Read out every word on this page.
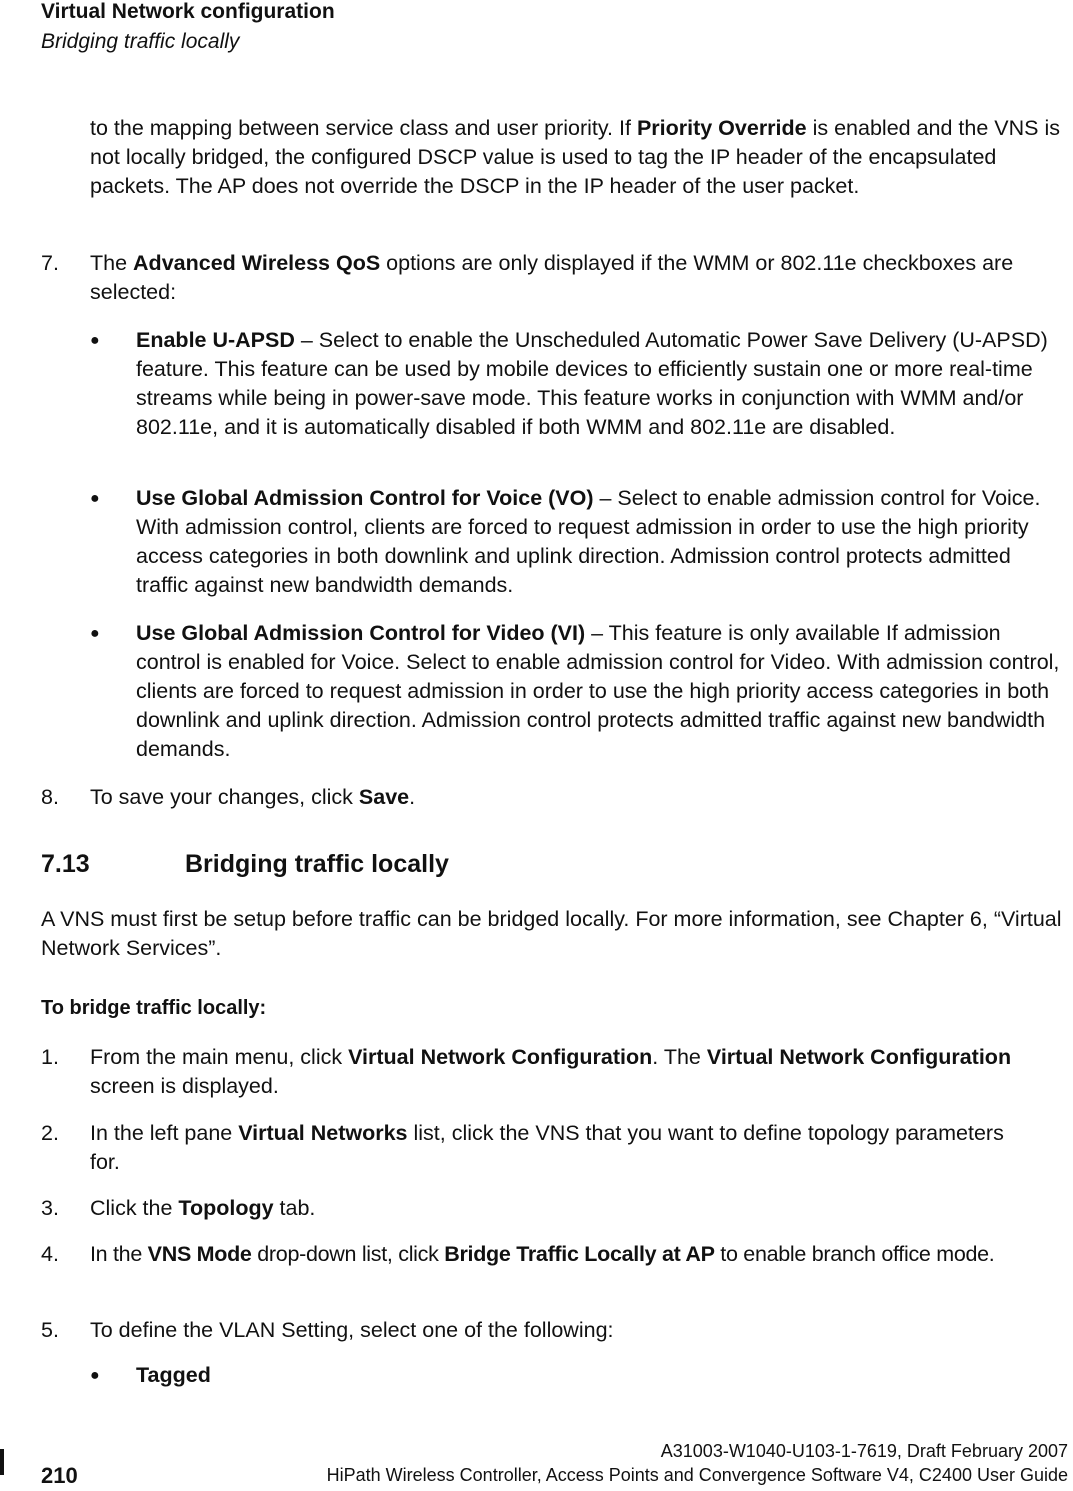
Virtual Network configuration
Bridging traffic locally
to the mapping between service class and user priority. If Priority Override is enabled and the VNS is not locally bridged, the configured DSCP value is used to tag the IP header of the encapsulated packets. The AP does not override the DSCP in the IP header of the user packet.
7. The Advanced Wireless QoS options are only displayed if the WMM or 802.11e checkboxes are selected:
● Enable U-APSD – Select to enable the Unscheduled Automatic Power Save Delivery (U-APSD) feature. This feature can be used by mobile devices to efficiently sustain one or more real-time streams while being in power-save mode. This feature works in conjunction with WMM and/or 802.11e, and it is automatically disabled if both WMM and 802.11e are disabled.
● Use Global Admission Control for Voice (VO) – Select to enable admission control for Voice. With admission control, clients are forced to request admission in order to use the high priority access categories in both downlink and uplink direction. Admission control protects admitted traffic against new bandwidth demands.
● Use Global Admission Control for Video (VI) – This feature is only available If admission control is enabled for Voice. Select to enable admission control for Video. With admission control, clients are forced to request admission in order to use the high priority access categories in both downlink and uplink direction. Admission control protects admitted traffic against new bandwidth demands.
8. To save your changes, click Save.
7.13	Bridging traffic locally
A VNS must first be setup before traffic can be bridged locally. For more information, see Chapter 6, “Virtual Network Services”.
To bridge traffic locally:
1. From the main menu, click Virtual Network Configuration. The Virtual Network Configuration screen is displayed.
2. In the left pane Virtual Networks list, click the VNS that you want to define topology parameters for.
3. Click the Topology tab.
4. In the VNS Mode drop-down list, click Bridge Traffic Locally at AP to enable branch office mode.
5. To define the VLAN Setting, select one of the following:
● Tagged
210
A31003-W1040-U103-1-7619, Draft February 2007
HiPath Wireless Controller, Access Points and Convergence Software V4, C2400 User Guide
